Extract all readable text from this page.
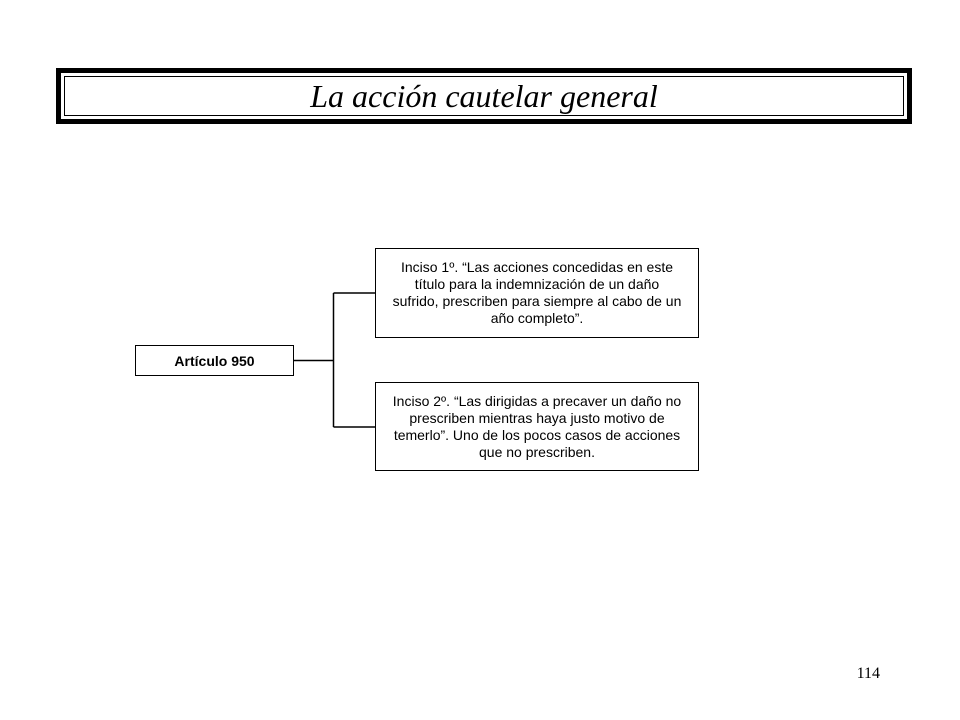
La acción cautelar general
Artículo 950
Inciso 1º. “Las acciones concedidas en este título para la indemnización de un daño sufrido, prescriben para siempre al cabo de un año completo”.
Inciso 2º. “Las dirigidas a precaver un daño no prescriben mientras haya justo motivo de temerlo”. Uno de los pocos casos de acciones que no prescriben.
114
